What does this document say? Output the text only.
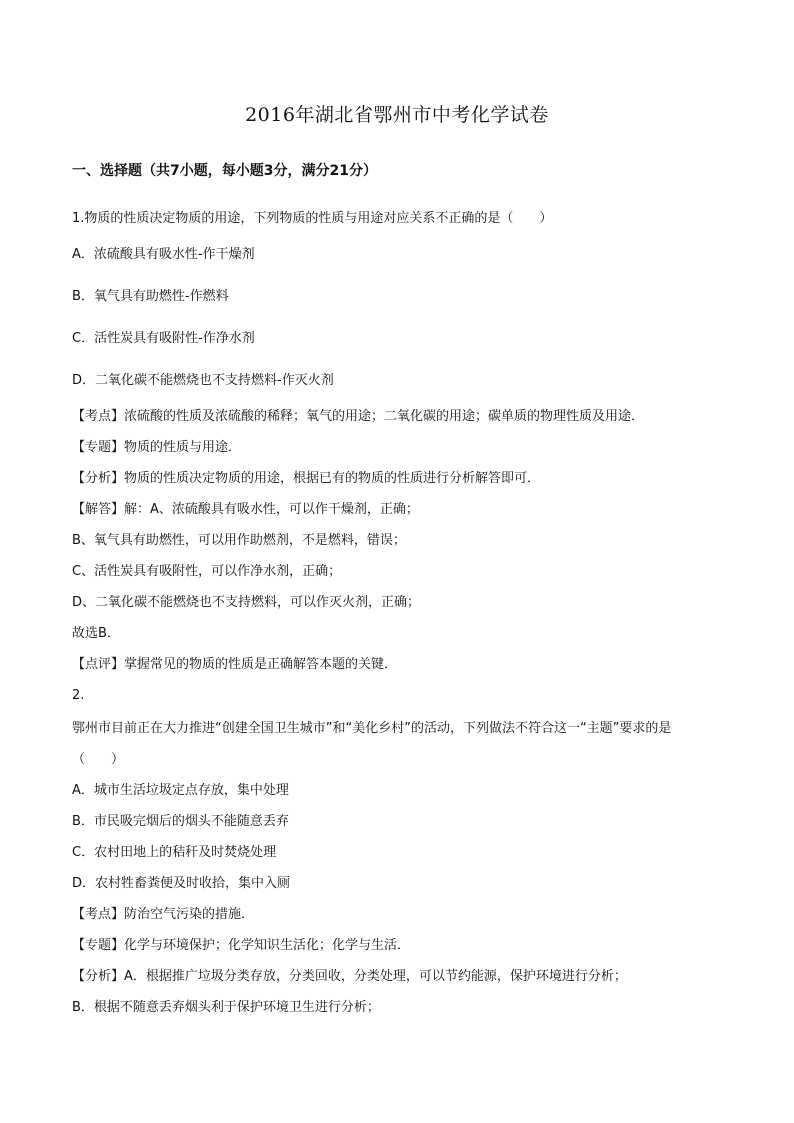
2016年湖北省鄂州市中考化学试卷
一、选择题（共7小题，每小题3分，满分21分）
1.物质的性质决定物质的用途，下列物质的性质与用途对应关系不正确的是（　　）
A．浓硫酸具有吸水性-作干燥剂
B．氧气具有助燃性-作燃料
C．活性炭具有吸附性-作净水剂
D．二氧化碳不能燃烧也不支持燃料-作灭火剂
【考点】浓硫酸的性质及浓硫酸的稀释；氧气的用途；二氧化碳的用途；碳单质的物理性质及用途．
【专题】物质的性质与用途．
【分析】物质的性质决定物质的用途，根据已有的物质的性质进行分析解答即可．
【解答】解：A、浓硫酸具有吸水性，可以作干燥剂，正确；
B、氧气具有助燃性，可以用作助燃剂，不是燃料，错误；
C、活性炭具有吸附性，可以作净水剂，正确；
D、二氧化碳不能燃烧也不支持燃料，可以作灭火剂，正确；
故选B．
【点评】掌握常见的物质的性质是正确解答本题的关键．
2.
鄂州市目前正在大力推进“创建全国卫生城市”和“美化乡村”的活动，下列做法不符合这一“主题”要求的是
（　　）
A．城市生活垃圾定点存放，集中处理
B．市民吸完烟后的烟头不能随意丢弃
C．农村田地上的秸秆及时焚烧处理
D．农村牲畜粪便及时收拾，集中入厕
【考点】防治空气污染的措施．
【专题】化学与环境保护；化学知识生活化；化学与生活．
【分析】A．根据推广垃圾分类存放，分类回收，分类处理，可以节约能源，保护环境进行分析；
B．根据不随意丢弃烟头利于保护环境卫生进行分析；
